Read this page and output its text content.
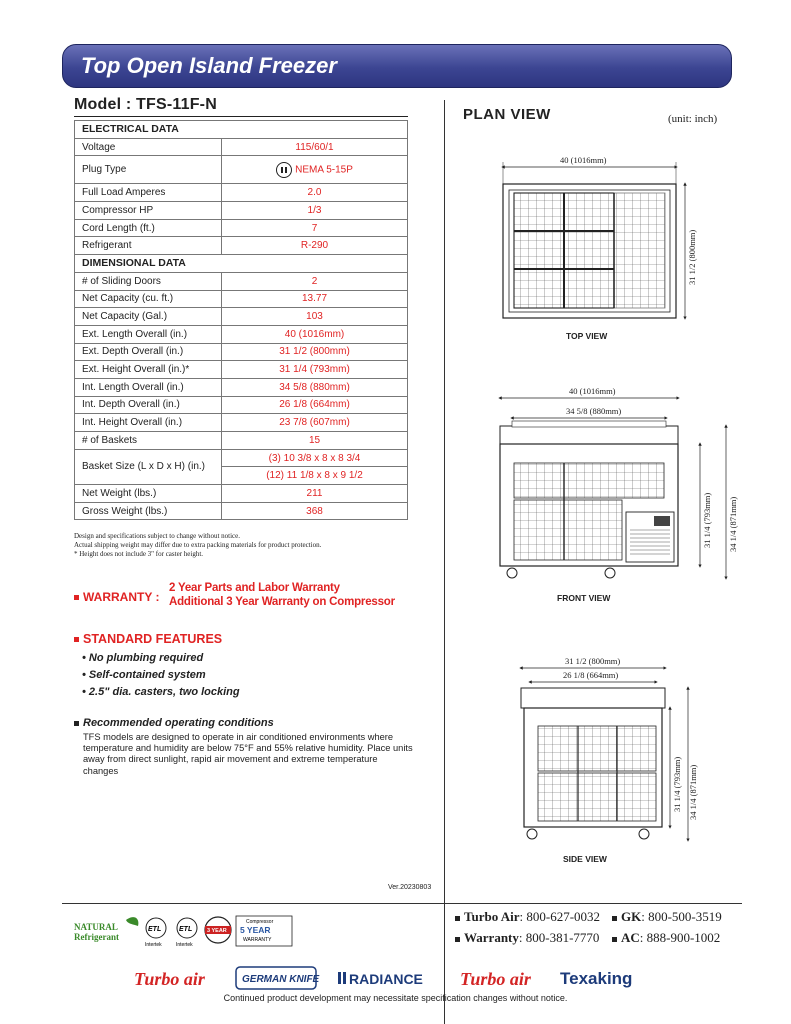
Top Open Island Freezer
Model : TFS-11F-N
ELECTRICAL DATA	
Voltage	115/60/1
Plug Type	NEMA 5-15P
Full Load Amperes	2.0
Compressor HP	1/3
Cord Length (ft.)	7
Refrigerant	R-290
DIMENSIONAL DATA	
# of Sliding Doors	2
Net Capacity (cu. ft.)	13.77
Net Capacity (Gal.)	103
Ext. Length Overall (in.)	40 (1016mm)
Ext. Depth Overall (in.)	31 1/2 (800mm)
Ext. Height Overall (in.)*	31 1/4 (793mm)
Int. Length Overall (in.)	34 5/8 (880mm)
Int. Depth Overall (in.)	26 1/8 (664mm)
Int. Height Overall (in.)	23 7/8 (607mm)
# of Baskets	15
Basket Size (L x D x H) (in.)	(3) 10 3/8 x 8 x 8 3/4
	(12) 11 1/8 x 8 x 9 1/2
Net Weight (lbs.)	211
Gross Weight (lbs.)	368
Design and specifications subject to change without notice.
Actual shipping weight may differ due to extra packing materials for product protection.
* Height does not include 3" for caster height.
WARRANTY :
2 Year Parts and Labor Warranty
Additional 3 Year Warranty on Compressor
STANDARD FEATURES
• No plumbing required
• Self-contained system
• 2.5" dia. casters, two locking
Recommended operating conditions
TFS models are designed to operate in air conditioned environments where temperature and humidity are below 75°F and 55% relative humidity. Place units away from direct sunlight, rapid air movement and extreme temperature changes
Ver.20230803
PLAN VIEW	(unit: inch)
40 (1016mm)
31 1/2 (800mm)
TOP VIEW
40 (1016mm)
34 5/8 (880mm)
31 1/4 (793mm) 34 1/4 (871mm)
FRONT VIEW
31 1/2 (800mm)
26 1/8 (664mm)
31 1/4 (793mm) 34 1/4 (871mm)
SIDE VIEW
Turbo Air: 800-627-0032	GK: 800-500-3519
Warranty: 800-381-7770	AC: 888-900-1002
NATURAL
Refrigerant
ETL
Intertek
ETL
Intertek
3 YEAR
Compressor
5 YEAR
WARRANTY
Turbo air	GERMAN KNIFE RADIANCE Turbo air Texaking
Continued product development may necessitate specification changes without notice.
